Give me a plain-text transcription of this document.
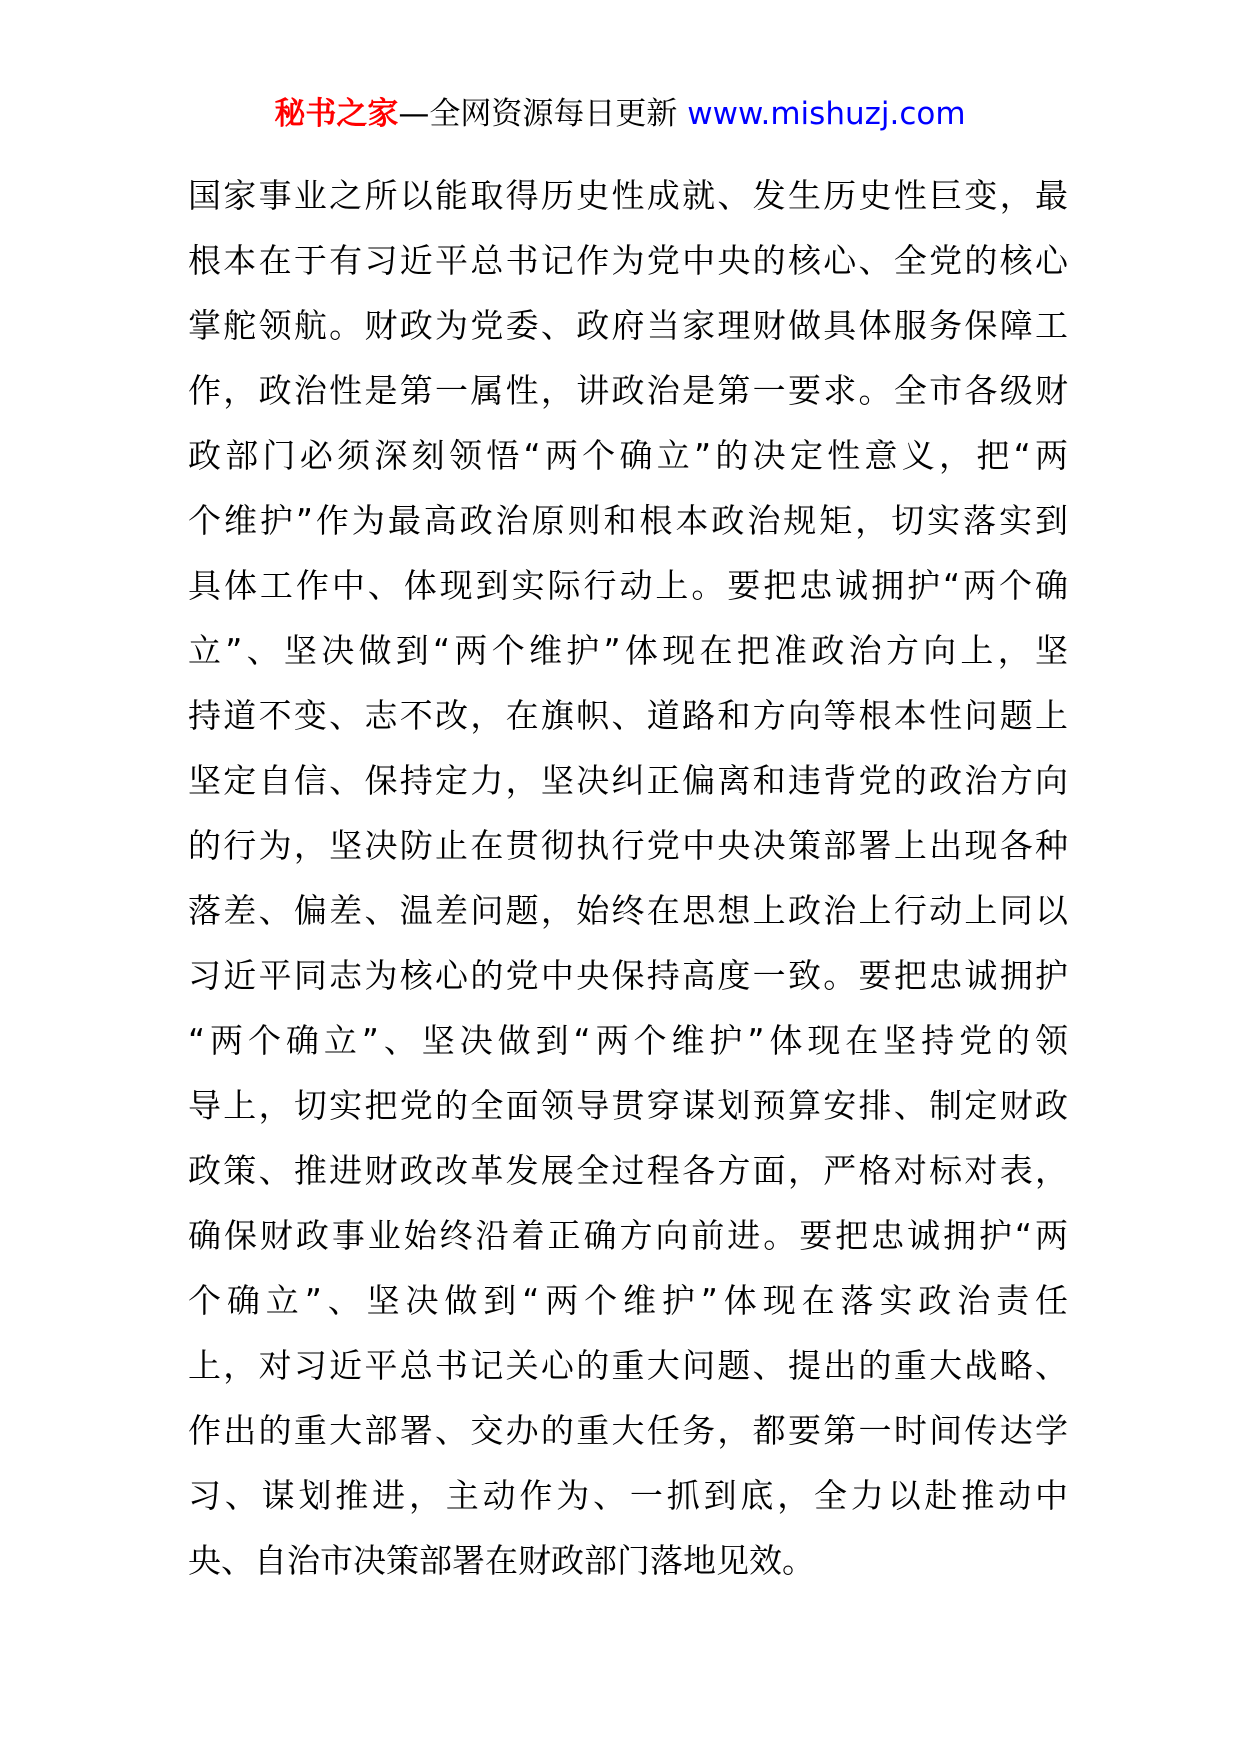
秘书之家—全网资源每日更新 www.mishuzj.com
国家事业之所以能取得历史性成就、发生历史性巨变，最
根本在于有习近平总书记作为党中央的核心、全党的核心
掌舵领航。财政为党委、政府当家理财做具体服务保障工
作，政治性是第一属性，讲政治是第一要求。全市各级财
政部门必须深刻领悟“两个确立”的决定性意义，把“两
个维护”作为最高政治原则和根本政治规矩，切实落实到
具体工作中、体现到实际行动上。要把忠诚拥护“两个确
立”、坚决做到“两个维护”体现在把准政治方向上，坚
持道不变、志不改，在旗帜、道路和方向等根本性问题上
坚定自信、保持定力，坚决纠正偏离和违背党的政治方向
的行为，坚决防止在贯彻执行党中央决策部署上出现各种
落差、偏差、温差问题，始终在思想上政治上行动上同以
习近平同志为核心的党中央保持高度一致。要把忠诚拥护
“两个确立”、坚决做到“两个维护”体现在坚持党的领
导上，切实把党的全面领导贯穿谋划预算安排、制定财政
政策、推进财政改革发展全过程各方面，严格对标对表，
确保财政事业始终沿着正确方向前进。要把忠诚拥护“两
个确立”、坚决做到“两个维护”体现在落实政治责任
上，对习近平总书记关心的重大问题、提出的重大战略、
作出的重大部署、交办的重大任务，都要第一时间传达学
习、谋划推进，主动作为、一抓到底，全力以赴推动中
央、自治市决策部署在财政部门落地见效。
